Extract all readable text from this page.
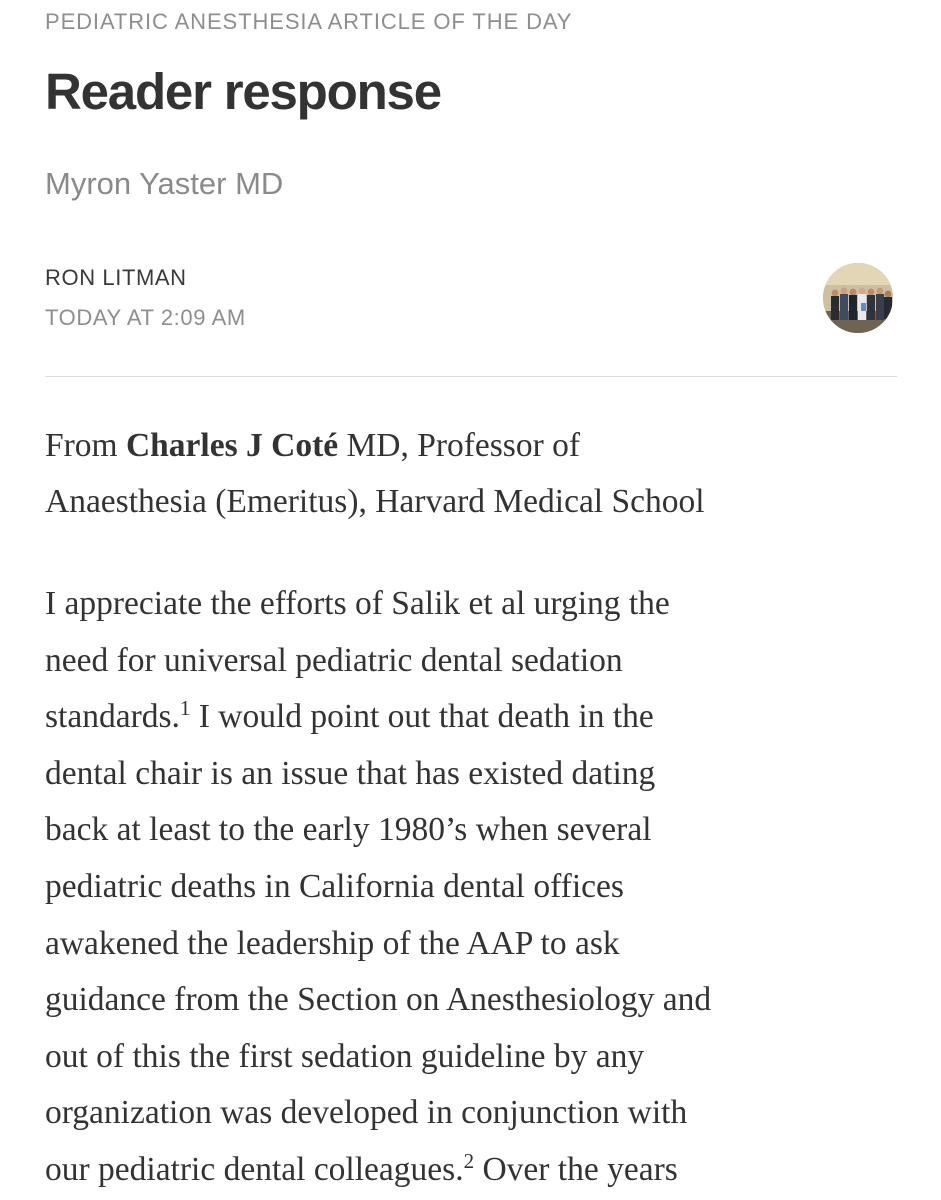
PEDIATRIC ANESTHESIA ARTICLE OF THE DAY
Reader response
Myron Yaster MD
RON LITMAN
TODAY AT 2:09 AM
From Charles J Coté MD, Professor of
Anaesthesia (Emeritus), Harvard Medical School
I appreciate the efforts of Salik et al urging the
need for universal pediatric dental sedation
standards.$^1$ I would point out that death in the
dental chair is an issue that has existed dating
back at least to the early 1980’s when several
pediatric deaths in California dental offices
awakened the leadership of the AAP to ask
guidance from the Section on Anesthesiology and
out of this the first sedation guideline by any
organization was developed in conjunction with
our pediatric dental colleagues.$^2$ Over the years
